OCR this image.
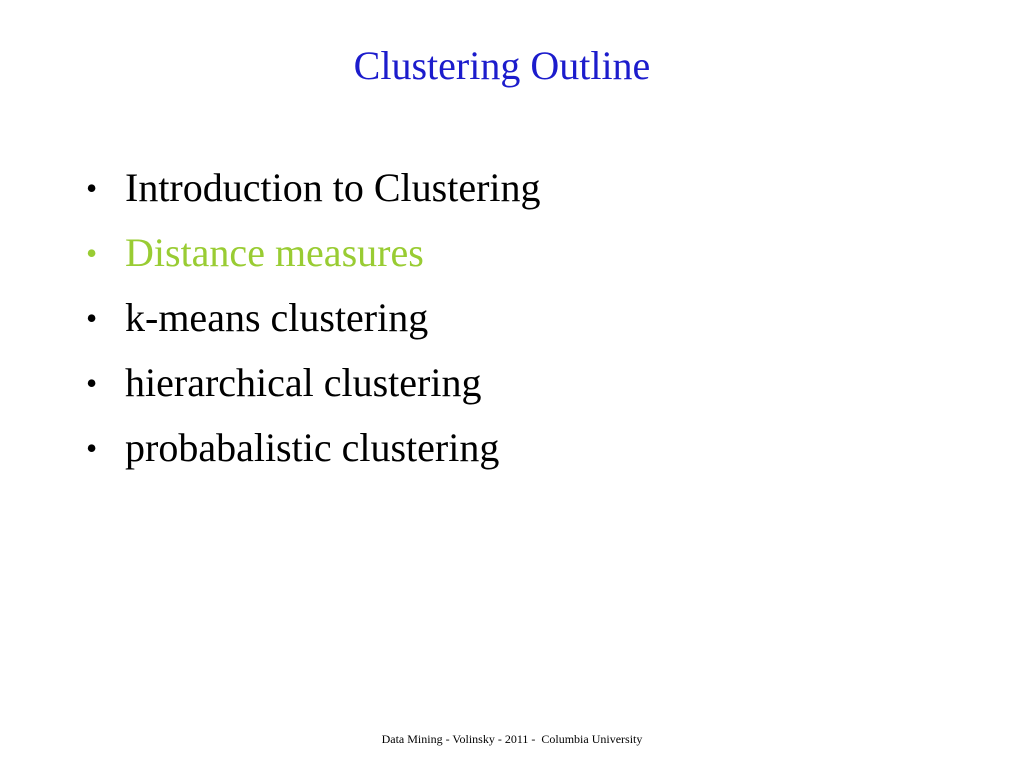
Clustering Outline
• Introduction to Clustering
• Distance measures
• k-means clustering
• hierarchical clustering
• probabalistic clustering
Data Mining - Volinsky - 2011 -  Columbia University
